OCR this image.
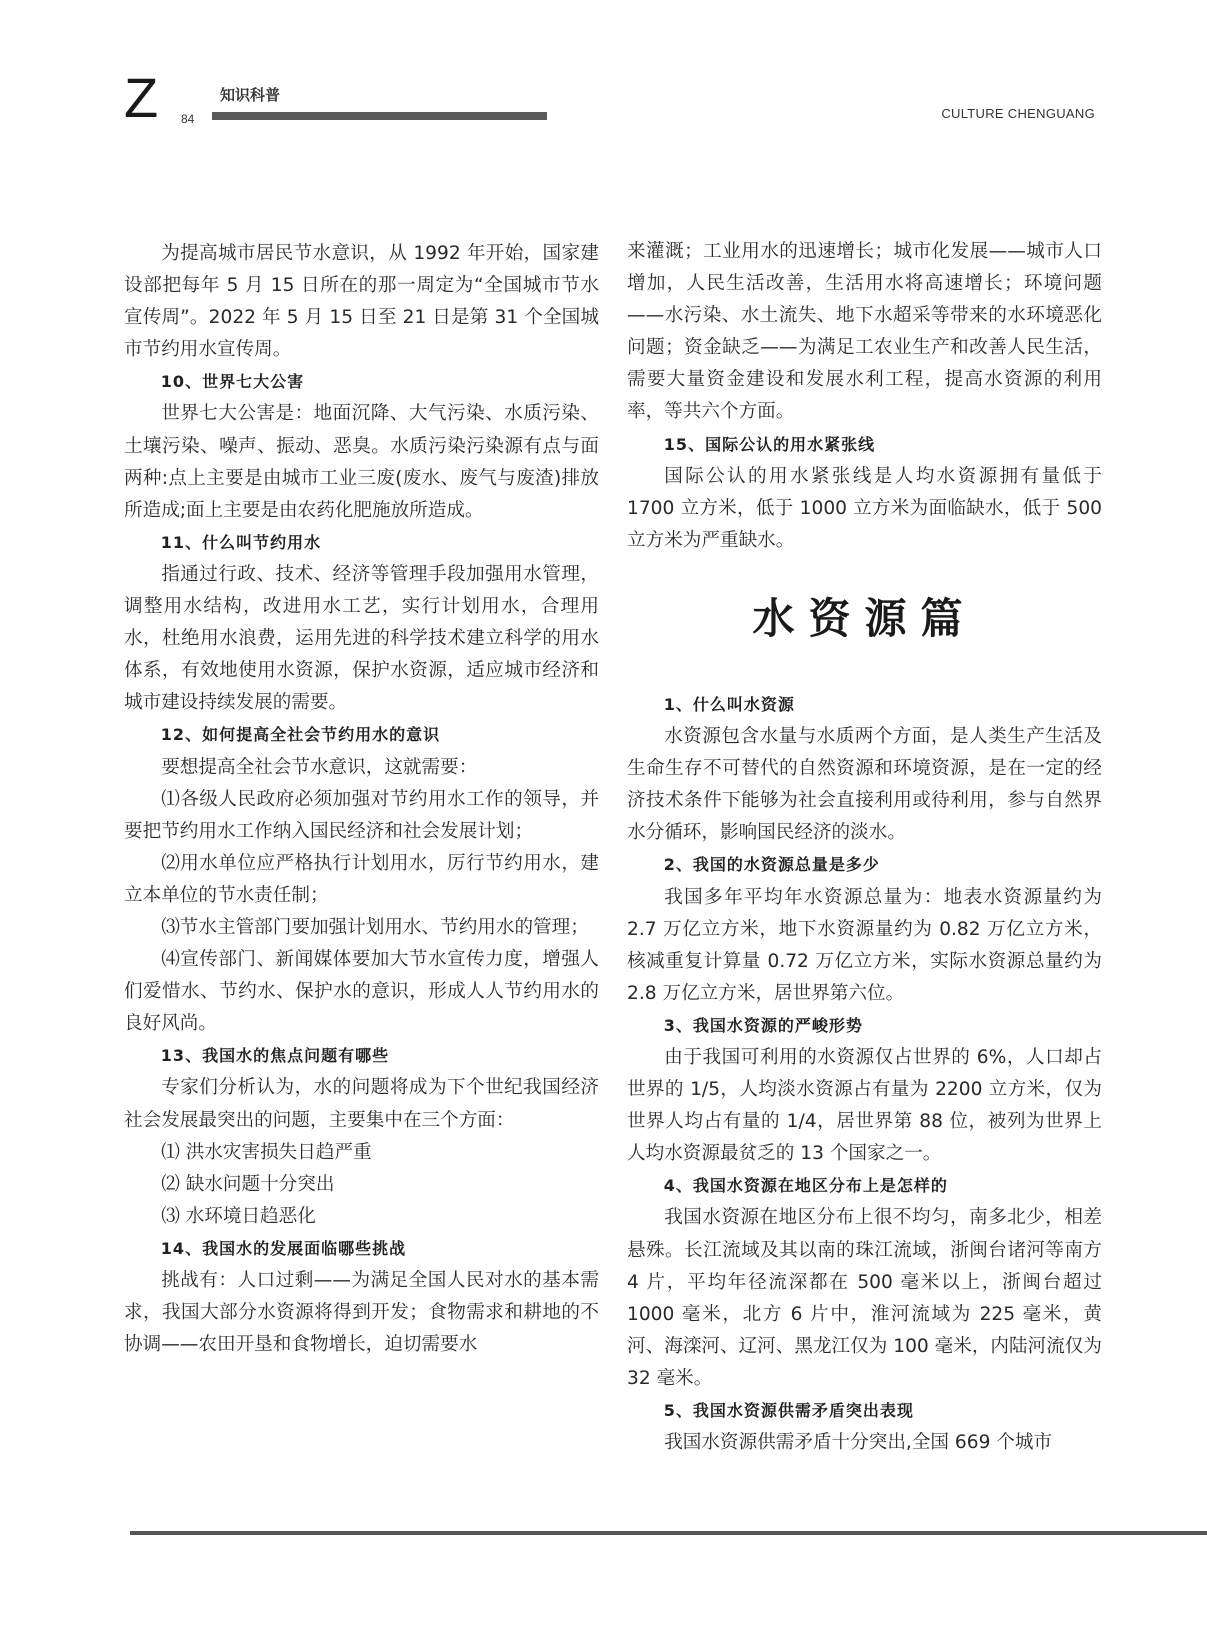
Z	知识科普
84	CULTURE CHENGUANG

为提高城市居民节水意识，从 1992 年开始，国家建设部把每年 5 月 15 日所在的那一周定为“全国城市节水宣传周”。2022 年 5 月 15 日至 21 日是第 31 个全国城市节约用水宣传周。

10、世界七大公害

世界七大公害是：地面沉降、大气污染、水质污染、土壤污染、噪声、振动、恶臭。水质污染污染源有点与面两种:点上主要是由城市工业三废(废水、废气与废渣)排放所造成;面上主要是由农药化肥施放所造成。

11、什么叫节约用水

指通过行政、技术、经济等管理手段加强用水管理，调整用水结构，改进用水工艺，实行计划用水，合理用水，杜绝用水浪费，运用先进的科学技术建立科学的用水体系，有效地使用水资源，保护水资源，适应城市经济和城市建设持续发展的需要。

12、如何提高全社会节约用水的意识

要想提高全社会节水意识，这就需要：

⑴各级人民政府必须加强对节约用水工作的领导，并要把节约用水工作纳入国民经济和社会发展计划；

⑵用水单位应严格执行计划用水，厉行节约用水，建立本单位的节水责任制；

⑶节水主管部门要加强计划用水、节约用水的管理；

⑷宣传部门、新闻媒体要加大节水宣传力度，增强人们爱惜水、节约水、保护水的意识，形成人人节约用水的良好风尚。

13、我国水的焦点问题有哪些

专家们分析认为，水的问题将成为下个世纪我国经济社会发展最突出的问题，主要集中在三个方面：

⑴ 洪水灾害损失日趋严重

⑵ 缺水问题十分突出

⑶ 水环境日趋恶化

14、我国水的发展面临哪些挑战

挑战有：人口过剩——为满足全国人民对水的基本需求，我国大部分水资源将得到开发；食物需求和耕地的不协调——农田开垦和食物增长，迫切需要水

来灌溉；工业用水的迅速增长；城市化发展——城市人口增加，人民生活改善，生活用水将高速增长；环境问题——水污染、水土流失、地下水超采等带来的水环境恶化问题；资金缺乏——为满足工农业生产和改善人民生活，需要大量资金建设和发展水利工程，提高水资源的利用率，等共六个方面。

15、国际公认的用水紧张线

国际公认的用水紧张线是人均水资源拥有量低于 1700 立方米，低于 1000 立方米为面临缺水，低于 500 立方米为严重缺水。

水资源篇
1、什么叫水资源

水资源包含水量与水质两个方面，是人类生产生活及生命生存不可替代的自然资源和环境资源，是在一定的经济技术条件下能够为社会直接利用或待利用，参与自然界水分循环，影响国民经济的淡水。

2、我国的水资源总量是多少

我国多年平均年水资源总量为：地表水资源量约为 2.7 万亿立方米，地下水资源量约为 0.82 万亿立方米，核减重复计算量 0.72 万亿立方米，实际水资源总量约为 2.8 万亿立方米，居世界第六位。

3、我国水资源的严峻形势

由于我国可利用的水资源仅占世界的 6%，人口却占世界的 1/5，人均淡水资源占有量为 2200 立方米，仅为世界人均占有量的 1/4，居世界第 88 位，被列为世界上人均水资源最贫乏的 13 个国家之一。

4、我国水资源在地区分布上是怎样的

我国水资源在地区分布上很不均匀，南多北少，相差悬殊。长江流域及其以南的珠江流域，浙闽台诸河等南方 4 片，平均年径流深都在 500 毫米以上，浙闽台超过 1000 毫米，北方 6 片中，淮河流域为 225 毫米，黄河、海滦河、辽河、黑龙江仅为 100 毫米，内陆河流仅为 32 毫米。

5、我国水资源供需矛盾突出表现

我国水资源供需矛盾十分突出,全国 669 个城市
